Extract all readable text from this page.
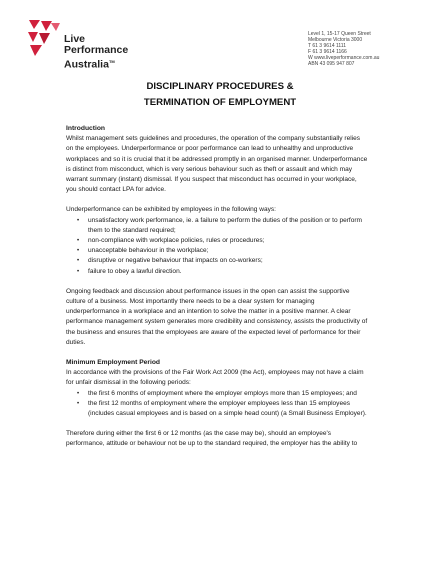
Live
Performance
Australia™
Level 1, 15-17 Queen Street
Melbourne Victoria 3000
T 61 3 9614 1111
F 61 3 9614 1166
W www.liveperformance.com.au
ABN 43 095 947 807
DISCIPLINARY PROCEDURES &
TERMINATION OF EMPLOYMENT

Introduction

Whilst management sets guidelines and procedures, the operation of the company substantially relies

on the employees. Underperformance or poor performance can lead to unhealthy and unproductive

workplaces and so it is crucial that it be addressed promptly in an organised manner. Underperformance

is distinct from misconduct, which is very serious behaviour such as theft or assault and which may

warrant summary (instant) dismissal. If you suspect that misconduct has occurred in your workplace,

you should contact LPA for advice.

Underperformance can be exhibited by employees in the following ways:

• unsatisfactory work performance, ie. a failure to perform the duties of the position or to perform

them to the standard required;

• non-compliance with workplace policies, rules or procedures;
• unacceptable behaviour in the workplace;
• disruptive or negative behaviour that impacts on co-workers;
• failure to obey a lawful direction.

Ongoing feedback and discussion about performance issues in the open can assist the supportive

culture of a business. Most importantly there needs to be a clear system for managing

underperformance in a workplace and an intention to solve the matter in a positive manner. A clear

performance management system generates more credibility and consistency, assists the productivity of

the business and ensures that the employees are aware of the expected level of performance for their

duties.

Minimum Employment Period

In accordance with the provisions of the Fair Work Act 2009 (the Act), employees may not have a claim

for unfair dismissal in the following periods:

• the first 6 months of employment where the employer employs more than 15 employees; and
• the first 12 months of employment where the employer employees less than 15 employees

(includes casual employees and is based on a simple head count) (a Small Business Employer).

Therefore during either the first 6 or 12 months (as the case may be), should an employee's

performance, attitude or behaviour not be up to the standard required, the employer has the ability to
